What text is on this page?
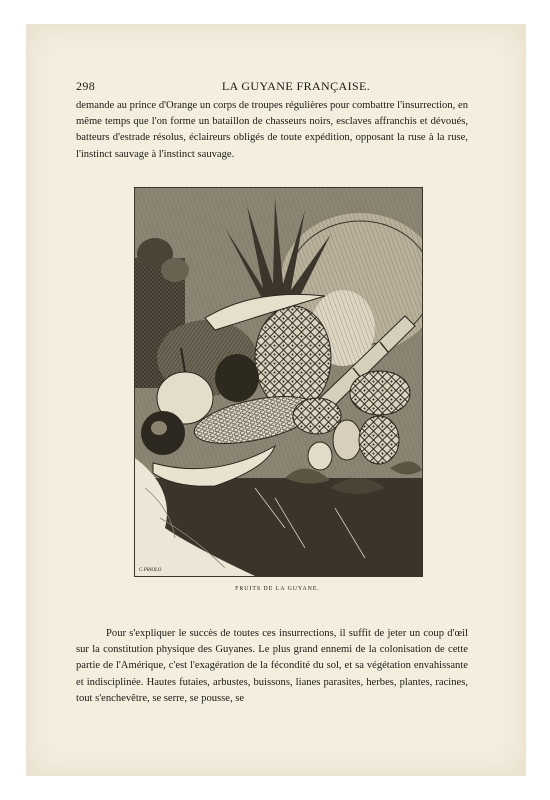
298	LA GUYANE FRANÇAISE.

demande au prince d'Orange un corps de troupes régulières pour combattre l'insurrection, en même temps que l'on forme un bataillon de chasseurs noirs, esclaves affranchis et dévoués, batteurs d'estrade résolus, éclaireurs obligés de toute expédition, opposant la ruse à la ruse, l'instinct sauvage à l'instinct sauvage.

C.PRIOLO
FRUITS DE LA GUYANE.

Pour s'expliquer le succès de toutes ces insurrections, il suffit de jeter un coup d'œil sur la constitution physique des Guyanes. Le plus grand ennemi de la colonisation de cette partie de l'Amérique, c'est l'exagération de la fécondité du sol, et sa végétation envahissante et indisciplinée. Hautes futaies, arbustes, buissons, lianes parasites, herbes, plantes, racines, tout s'enchevêtre, se serre, se pousse, se
